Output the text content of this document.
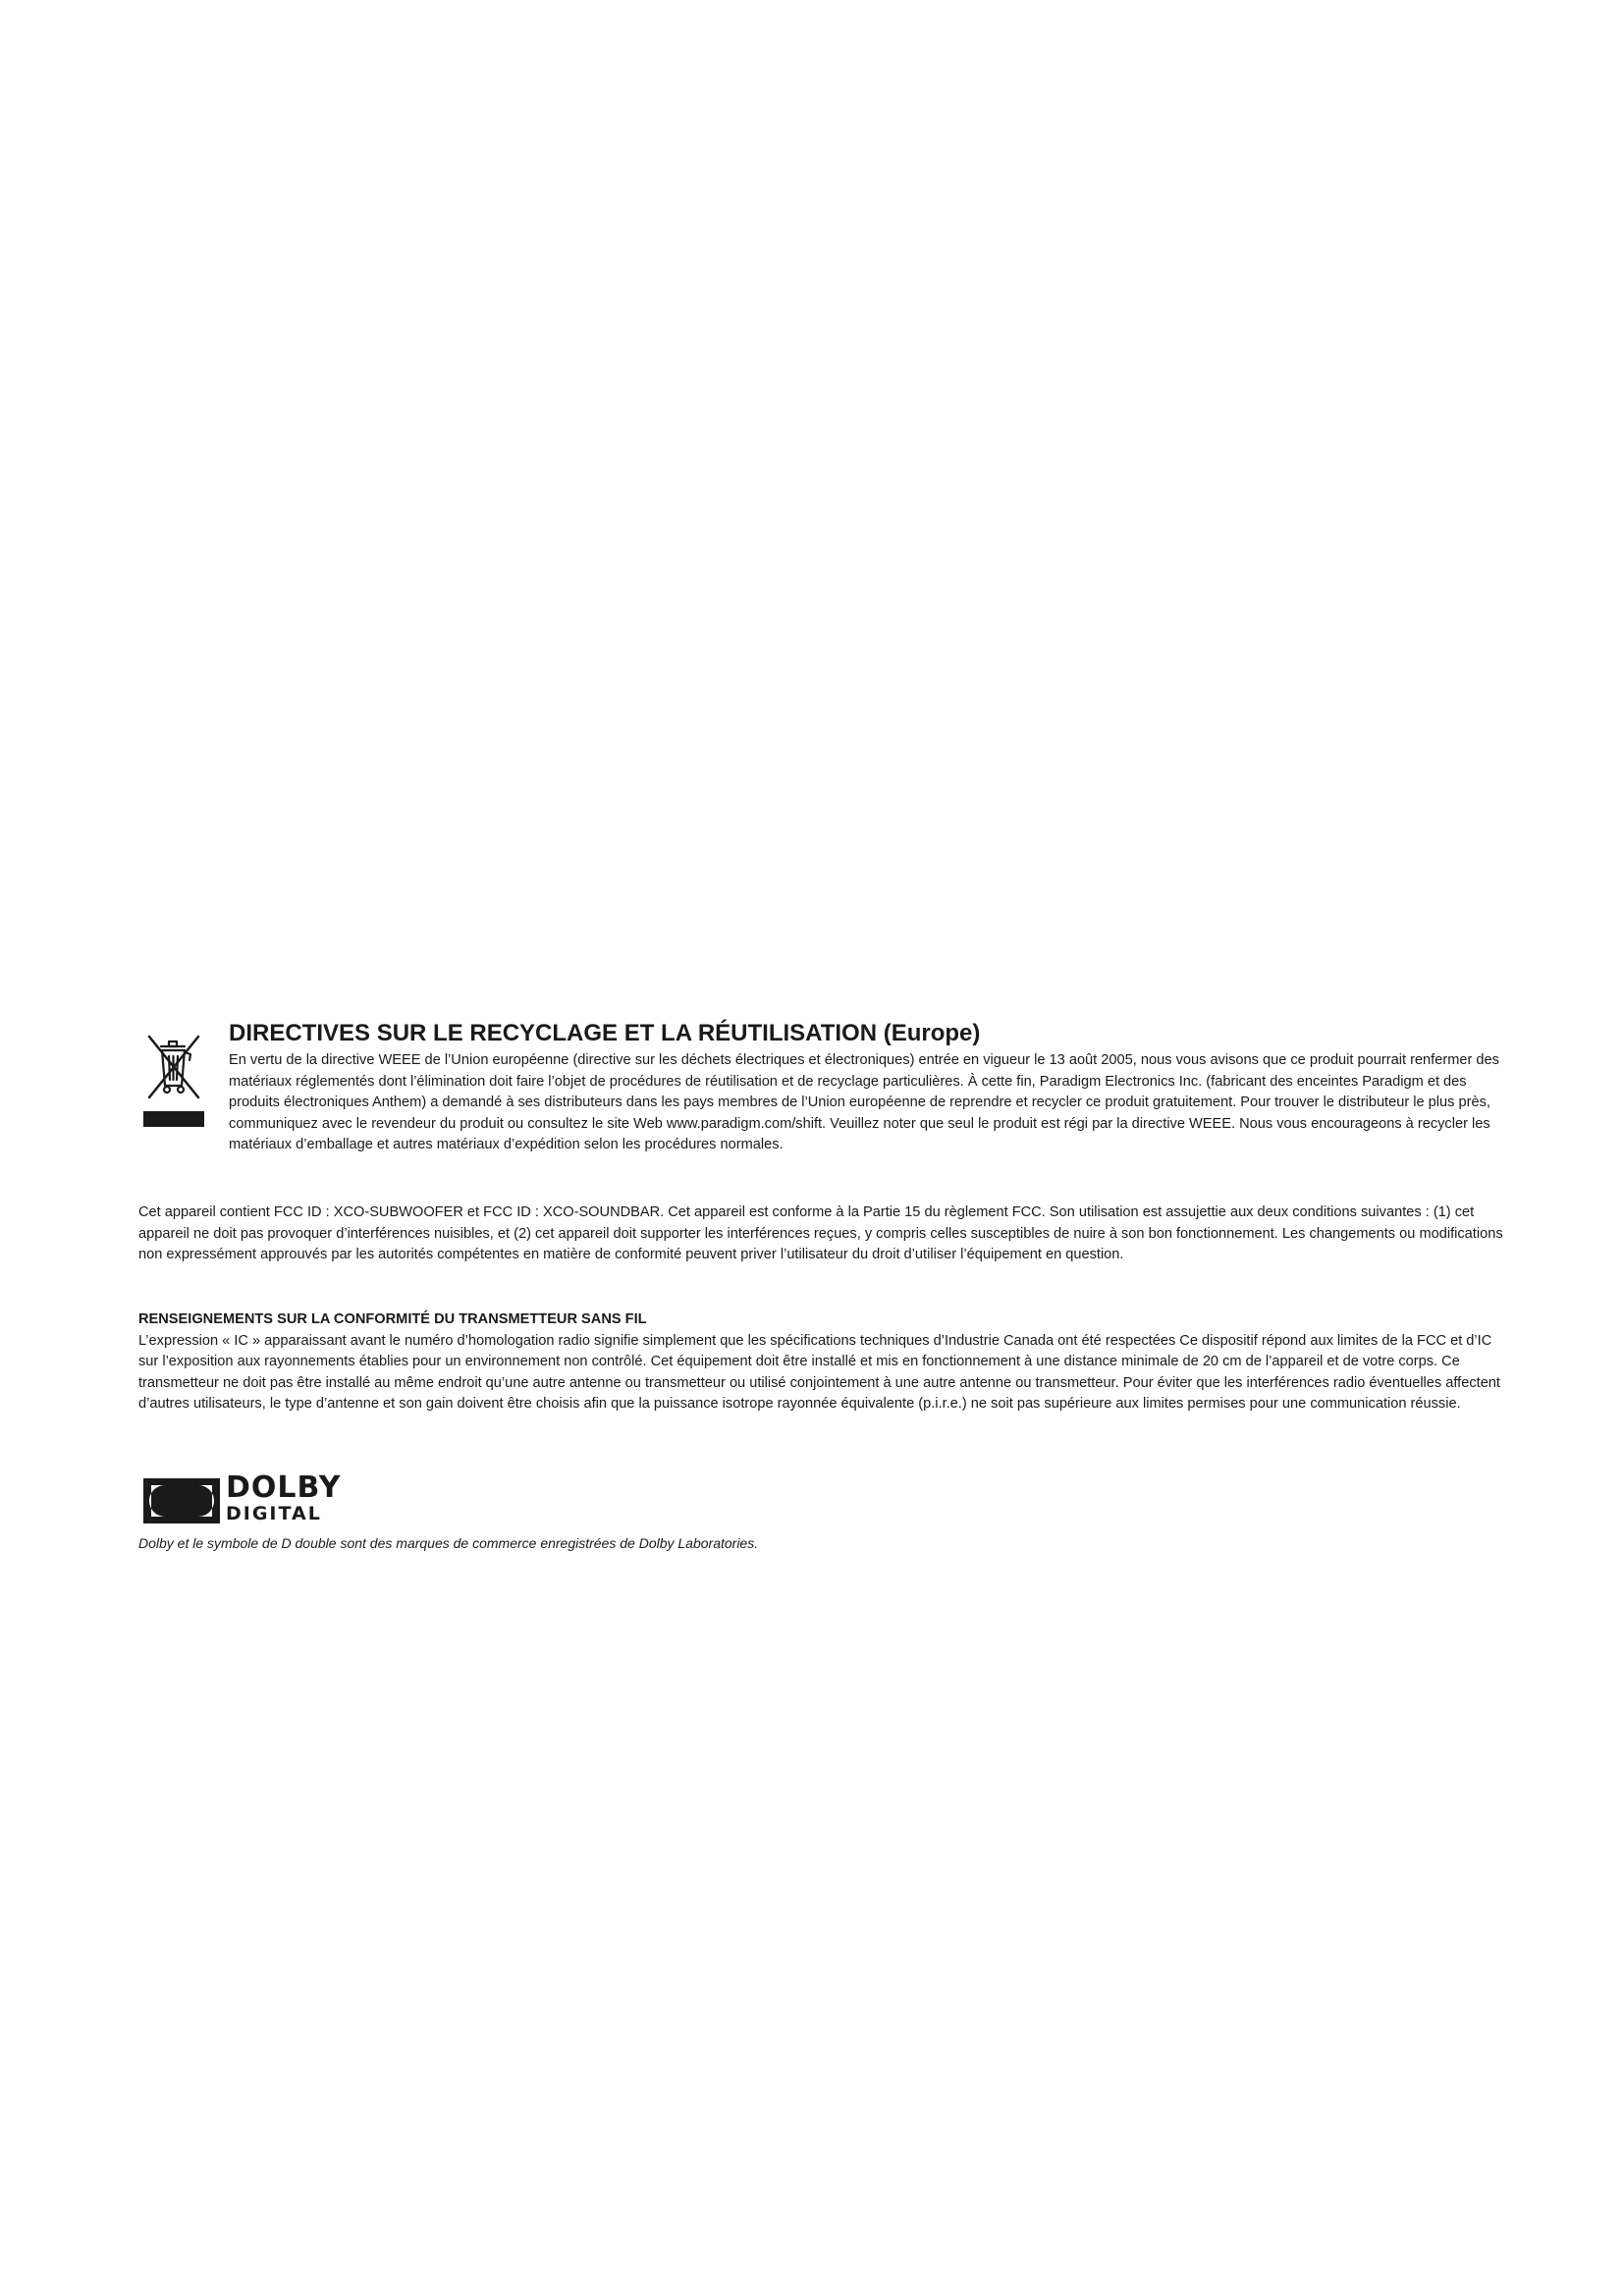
DIRECTIVES SUR LE RECYCLAGE ET LA RÉUTILISATION (Europe)

En vertu de la directive WEEE de l’Union européenne (directive sur les déchets électriques et électroniques) entrée en vigueur le 13 août 2005, nous vous avisons que ce produit pourrait renfermer des matériaux réglementés dont l’élimination doit faire l’objet de procédures de réutilisation et de recyclage particulières. À cette fin, Paradigm Electronics Inc. (fabricant des enceintes Paradigm et des produits électroniques Anthem) a demandé à ses distributeurs dans les pays membres de l’Union européenne de reprendre et recycler ce produit gratuitement. Pour trouver le distributeur le plus près, communiquez avec le revendeur du produit ou consultez le site Web www.paradigm.com/shift. Veuillez noter que seul le produit est régi par la directive WEEE. Nous vous encourageons à recycler les matériaux d’emballage et autres matériaux d’expédition selon les procédures normales.

Cet appareil contient FCC ID : XCO-SUBWOOFER et FCC ID : XCO-SOUNDBAR. Cet appareil est conforme à la Partie 15 du règlement FCC. Son utilisation est assujettie aux deux conditions suivantes : (1) cet appareil ne doit pas provoquer d’interférences nuisibles, et (2) cet appareil doit supporter les interférences reçues, y compris celles susceptibles de nuire à son bon fonctionnement. Les changements ou modifications non expressément approuvés par les autorités compétentes en matière de conformité peuvent priver l’utilisateur du droit d’utiliser l’équipement en question.

RENSEIGNEMENTS SUR LA CONFORMITÉ DU TRANSMETTEUR SANS FIL

L’expression « IC » apparaissant avant le numéro d’homologation radio signifie simplement que les spécifications techniques d’Industrie Canada ont été respectées Ce dispositif répond aux limites de la FCC et d’IC sur l’exposition aux rayonnements établies pour un environnement non contrôlé. Cet équipement doit être installé et mis en fonctionnement à une distance minimale de 20 cm de l’appareil et de votre corps. Ce transmetteur ne doit pas être installé au même endroit qu’une autre antenne ou transmetteur ou utilisé conjointement à une autre antenne ou transmetteur. Pour éviter que les interférences radio éventuelles affectent d’autres utilisateurs, le type d’antenne et son gain doivent être choisis afin que la puissance isotrope rayonnée équivalente (p.i.r.e.) ne soit pas supérieure aux limites permises pour une communication réussie.

DOLBY
DIGITAL

Dolby et le symbole de D double sont des marques de commerce enregistrées de Dolby Laboratories.
